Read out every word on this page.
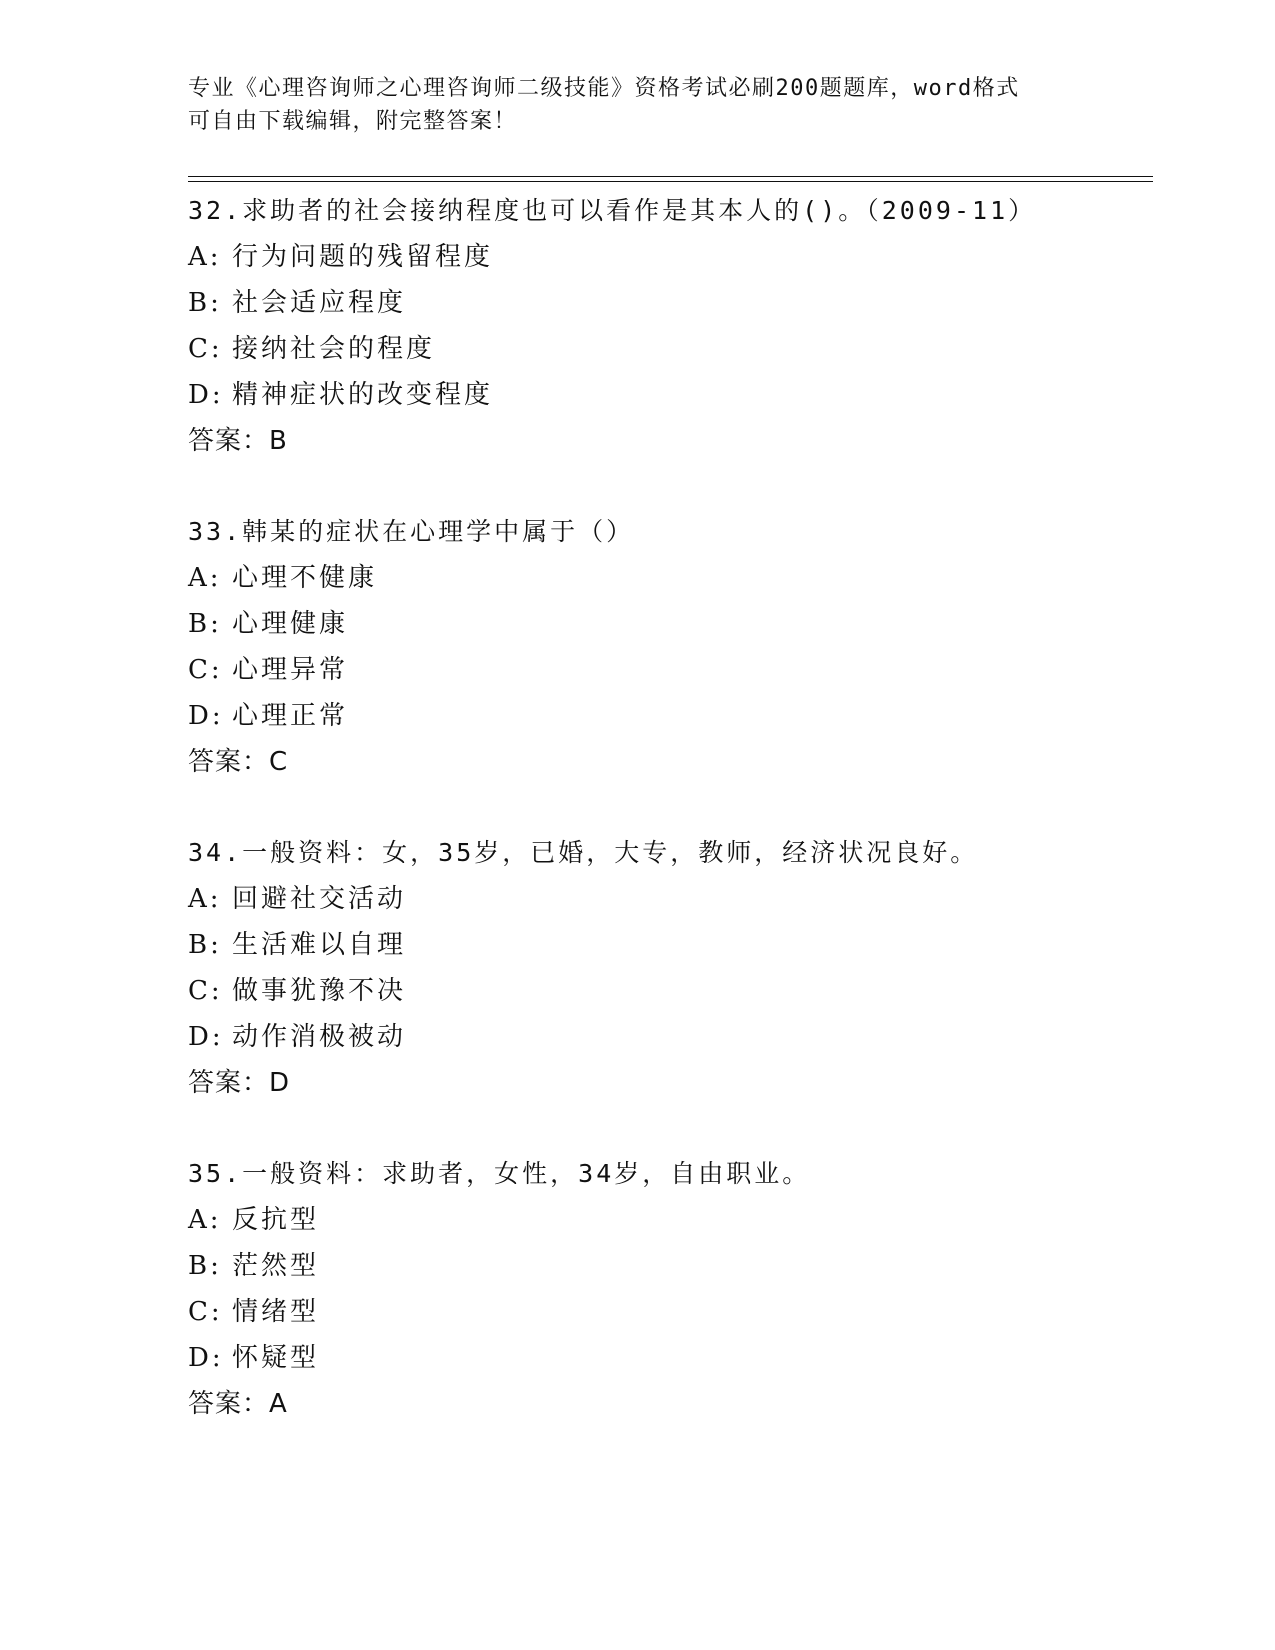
专业《心理咨询师之心理咨询师二级技能》资格考试必刷200题题库，word格式
可自由下载编辑，附完整答案！
32.求助者的社会接纳程度也可以看作是其本人的()。（2009-11）
A: 行为问题的残留程度
B: 社会适应程度
C: 接纳社会的程度
D: 精神症状的改变程度
答案：B
33.韩某的症状在心理学中属于（）
A: 心理不健康
B: 心理健康
C: 心理异常
D: 心理正常
答案：C
34.一般资料：女，35岁，已婚，大专，教师，经济状况良好。
A: 回避社交活动
B: 生活难以自理
C: 做事犹豫不决
D: 动作消极被动
答案：D
35.一般资料：求助者，女性，34岁，自由职业。
A: 反抗型
B: 茫然型
C: 情绪型
D: 怀疑型
答案：A
